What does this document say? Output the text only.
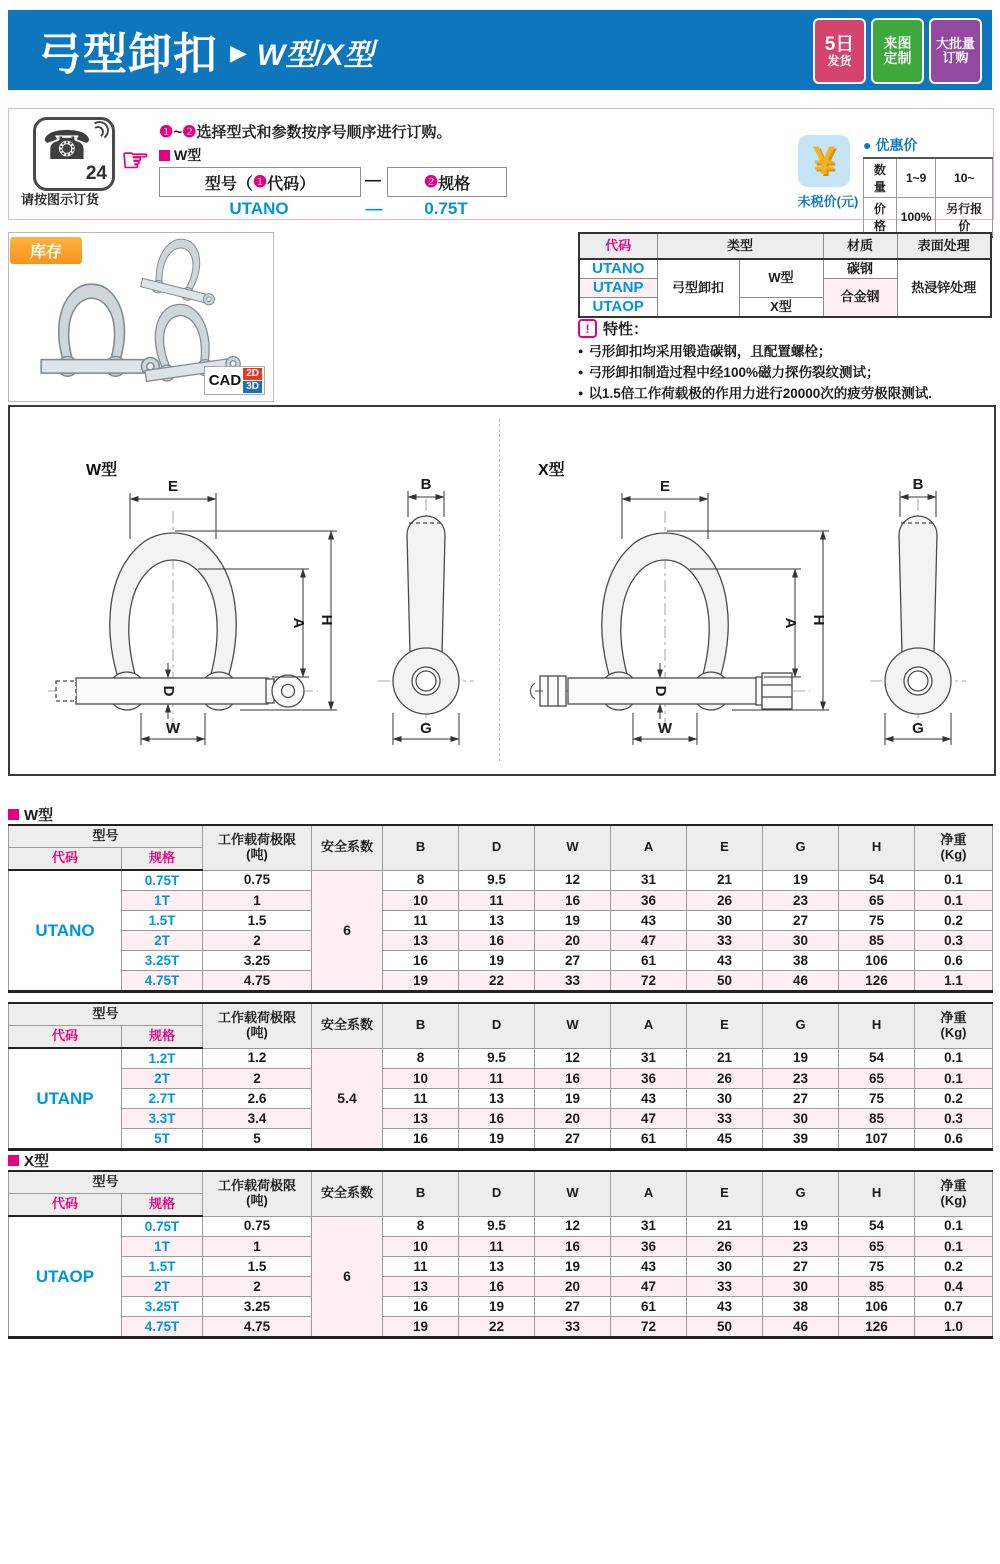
弓型卸扣 ▶ W型/X型	5日
发货
来图
定制
大批量
订购
☎
24
请按图示订货
☞
❶~❷选择型式和参数按序号顺序进行订购。
W型
型号（ ❶ 代码）	—	❷ 规格
UTANO	—	0.75T
¥
未税价(元)
● 优惠价
数量	1~9	10~
价格	100%	另行报价
库存
CAD 2D
3D
代码	类型		材质	表面处理
UTANO	弓型卸扣	W型	碳钢	热浸锌处理
UTANP			合金钢	
UTAOP		X型		
! 特性：
● 弓形卸扣均采用锻造碳钢，且配置螺栓；
● 弓形卸扣制造过程中经100%磁力探伤裂纹测试；
● 以1.5倍工作荷载极的作用力进行20000次的疲劳极限测试.
W型	X型
E	B
A H
D
W	G
E	B
A H
D
W	G
W型
型号		工作载荷极限
(吨)	安全系数	B	D	W	A	E	G	H	净重
(Kg)
代码	规格										
UTANO	0.75T	0.75	6	8	9.5	12	31	21	19	54	0.1
	1T	1		10	11	16	36	26	23	65	0.1
	1.5T	1.5		11	13	19	43	30	27	75	0.2
	2T	2		13	16	20	47	33	30	85	0.3
	3.25T	3.25		16	19	27	61	43	38	106	0.6
	4.75T	4.75		19	22	33	72	50	46	126	1.1
型号		工作载荷极限
(吨)	安全系数	B	D	W	A	E	G	H	净重
(Kg)
代码	规格										
UTANP	1.2T	1.2	5.4	8	9.5	12	31	21	19	54	0.1
	2T	2		10	11	16	36	26	23	65	0.1
	2.7T	2.6		11	13	19	43	30	27	75	0.2
	3.3T	3.4		13	16	20	47	33	30	85	0.3
	5T	5		16	19	27	61	45	39	107	0.6
X型
型号		工作载荷极限
(吨)	安全系数	B	D	W	A	E	G	H	净重
(Kg)
代码	规格										
UTAOP	0.75T	0.75	6	8	9.5	12	31	21	19	54	0.1
	1T	1		10	11	16	36	26	23	65	0.1
	1.5T	1.5		11	13	19	43	30	27	75	0.2
	2T	2		13	16	20	47	33	30	85	0.4
	3.25T	3.25		16	19	27	61	43	38	106	0.7
	4.75T	4.75		19	22	33	72	50	46	126	1.0
